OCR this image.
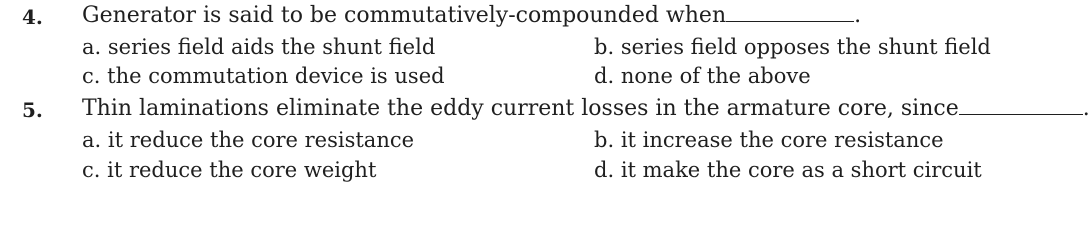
4. Generator is said to be commutatively-compounded when	.
a. series field aids the shunt field	b. series field opposes the shunt field
c. the commutation device is used	d. none of the above
5. Thin laminations eliminate the eddy current losses in the armature core, since	.
a. it reduce the core resistance	b. it increase the core resistance
c. it reduce the core weight	d. it make the core as a short circuit
